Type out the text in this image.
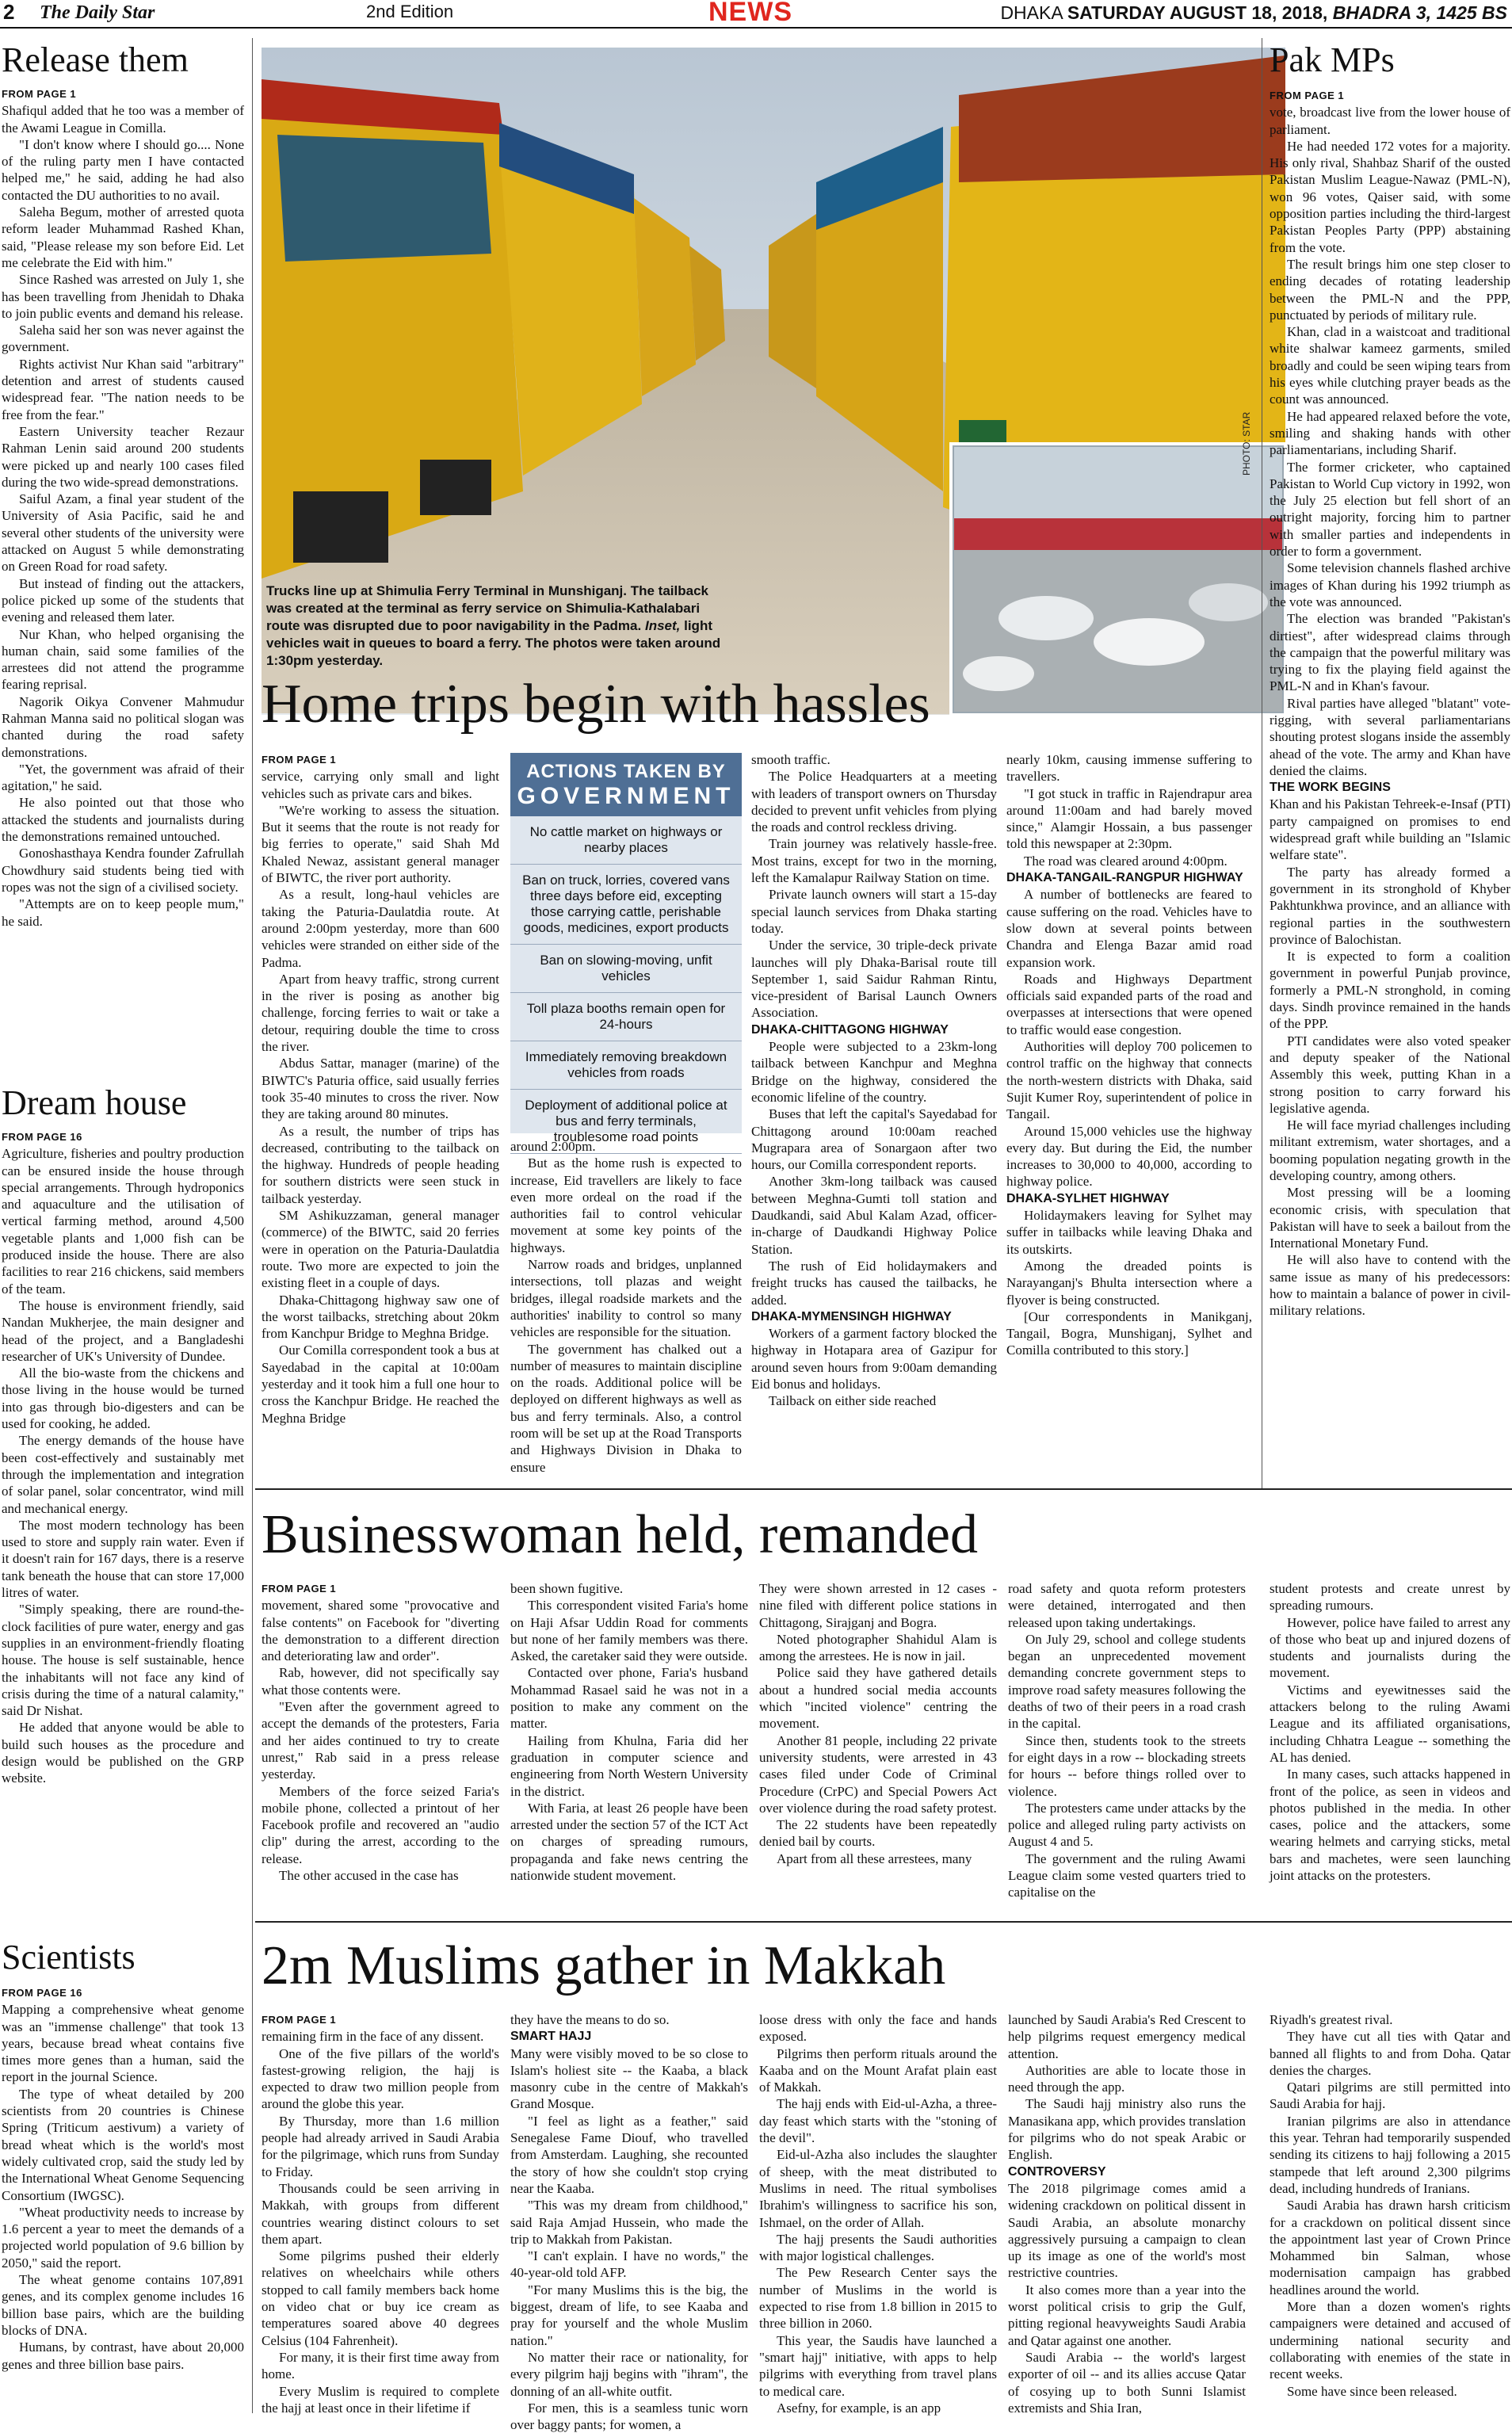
2 The Daily Star	2nd Edition	NEWS	DHAKA SATURDAY AUGUST 18, 2018, BHADRA 3, 1425 BS
Release them
FROM PAGE 1

Shafiqul added that he too was a member of the Awami League in Comilla.

"I don't know where I should go.... None of the ruling party men I have contacted helped me," he said, adding he had also contacted the DU authorities to no avail.

Saleha Begum, mother of arrested quota reform leader Muhammad Rashed Khan, said, "Please release my son before Eid. Let me celebrate the Eid with him."

Since Rashed was arrested on July 1, she has been travelling from Jhenidah to Dhaka to join public events and demand his release.

Saleha said her son was never against the government.

Rights activist Nur Khan said "arbitrary" detention and arrest of students caused widespread fear. "The nation needs to be free from the fear."

Eastern University teacher Rezaur Rahman Lenin said around 200 students were picked up and nearly 100 cases filed during the two wide-spread demonstrations.

Saiful Azam, a final year student of the University of Asia Pacific, said he and several other students of the university were attacked on August 5 while demonstrating on Green Road for road safety.

But instead of finding out the attackers, police picked up some of the students that evening and released them later.

Nur Khan, who helped organising the human chain, said some families of the arrestees did not attend the programme fearing reprisal.

Nagorik Oikya Convener Mahmudur Rahman Manna said no political slogan was chanted during the road safety demonstrations.

"Yet, the government was afraid of their agitation," he said.

He also pointed out that those who attacked the students and journalists during the demonstrations remained untouched.

Gonoshasthaya Kendra founder Zafrullah Chowdhury said students being tied with ropes was not the sign of a civilised society.

"Attempts are on to keep people mum," he said.

Dream house
FROM PAGE 16

Agriculture, fisheries and poultry production can be ensured inside the house through special arrangements. Through hydroponics and aquaculture and the utilisation of vertical farming method, around 4,500 vegetable plants and 1,000 fish can be produced inside the house. There are also facilities to rear 216 chickens, said members of the team.

The house is environment friendly, said Nandan Mukherjee, the main designer and head of the project, and a Bangladeshi researcher of UK's University of Dundee.

All the bio-waste from the chickens and those living in the house would be turned into gas through bio-digesters and can be used for cooking, he added.

The energy demands of the house have been cost-effectively and sustainably met through the implementation and integration of solar panel, solar concentrator, wind mill and mechanical energy.

The most modern technology has been used to store and supply rain water. Even if it doesn't rain for 167 days, there is a reserve tank beneath the house that can store 17,000 litres of water.

"Simply speaking, there are round-the-clock facilities of pure water, energy and gas supplies in an environment-friendly floating house. The house is self sustainable, hence the inhabitants will not face any kind of crisis during the time of a natural calamity," said Dr Nishat.

He added that anyone would be able to build such houses as the procedure and design would be published on the GRP website.

Scientists
FROM PAGE 16

Mapping a comprehensive wheat genome was an "immense challenge" that took 13 years, because bread wheat contains five times more genes than a human, said the report in the journal Science.

The type of wheat detailed by 200 scientists from 20 countries is Chinese Spring (Triticum aestivum) a variety of bread wheat which is the world's most widely cultivated crop, said the study led by the International Wheat Genome Sequencing Consortium (IWGSC).

"Wheat productivity needs to increase by 1.6 percent a year to meet the demands of a projected world population of 9.6 billion by 2050," said the report.

The wheat genome contains 107,891 genes, and its complex genome includes 16 billion base pairs, which are the building blocks of DNA.

Humans, by contrast, have about 20,000 genes and three billion base pairs.

Trucks line up at Shimulia Ferry Terminal in Munshiganj. The tailback was created at the terminal as ferry service on Shimulia-Kathalabari route was disrupted due to poor navigability in the Padma. Inset, light vehicles wait in queues to board a ferry. The photos were taken around 1:30pm yesterday.
PHOTO: STAR
Home trips begin with hassles
FROM PAGE 1

service, carrying only small and light vehicles such as private cars and bikes.

"We're working to assess the situation. But it seems that the route is not ready for big ferries to operate," said Shah Md Khaled Newaz, assistant general manager of BIWTC, the river port authority.

As a result, long-haul vehicles are taking the Paturia-Daulatdia route. At around 2:00pm yesterday, more than 600 vehicles were stranded on either side of the Padma.

Apart from heavy traffic, strong current in the river is posing as another big challenge, forcing ferries to wait or take a detour, requiring double the time to cross the river.

Abdus Sattar, manager (marine) of the BIWTC's Paturia office, said usually ferries took 35-40 minutes to cross the river. Now they are taking around 80 minutes.

As a result, the number of trips has decreased, contributing to the tailback on the highway. Hundreds of people heading for southern districts were seen stuck in tailback yesterday.

SM Ashikuzzaman, general manager (commerce) of the BIWTC, said 20 ferries were in operation on the Paturia-Daulatdia route. Two more are expected to join the existing fleet in a couple of days.

Dhaka-Chittagong highway saw one of the worst tailbacks, stretching about 20km from Kanchpur Bridge to Meghna Bridge.

Our Comilla correspondent took a bus at Sayedabad in the capital at 10:00am yesterday and it took him a full one hour to cross the Kanchpur Bridge. He reached the Meghna Bridge

around 2:00pm.

But as the home rush is expected to increase, Eid travellers are likely to face even more ordeal on the road if the authorities fail to control vehicular movement at some key points of the highways.

Narrow roads and bridges, unplanned intersections, toll plazas and weight bridges, illegal roadside markets and the authorities' inability to control so many vehicles are responsible for the situation.

The government has chalked out a number of measures to maintain discipline on the roads. Additional police will be deployed on different highways as well as bus and ferry terminals. Also, a control room will be set up at the Road Transports and Highways Division in Dhaka to ensure

smooth traffic.

The Police Headquarters at a meeting with leaders of transport owners on Thursday decided to prevent unfit vehicles from plying the roads and control reckless driving.

Train journey was relatively hassle-free. Most trains, except for two in the morning, left the Kamalapur Railway Station on time.

Private launch owners will start a 15-day special launch services from Dhaka starting today.

Under the service, 30 triple-deck private launches will ply Dhaka-Barisal route till September 1, said Saidur Rahman Rintu, vice-president of Barisal Launch Owners Association.

DHAKA-CHITTAGONG HIGHWAY

People were subjected to a 23km-long tailback between Kanchpur and Meghna Bridge on the highway, considered the economic lifeline of the country.

Buses that left the capital's Sayedabad for Chittagong around 10:00am reached Mugrapara area of Sonargaon after two hours, our Comilla correspondent reports.

Another 3km-long tailback was caused between Meghna-Gumti toll station and Daudkandi, said Abul Kalam Azad, officer-in-charge of Daudkandi Highway Police Station.

The rush of Eid holidaymakers and freight trucks has caused the tailbacks, he added.

DHAKA-MYMENSINGH HIGHWAY

Workers of a garment factory blocked the highway in Hotapara area of Gazipur for around seven hours from 9:00am demanding Eid bonus and holidays.

Tailback on either side reached

nearly 10km, causing immense suffering to travellers.

"I got stuck in traffic in Rajendrapur area around 11:00am and had barely moved since," Alamgir Hossain, a bus passenger told this newspaper at 2:30pm.

The road was cleared around 4:00pm.

DHAKA-TANGAIL-RANGPUR HIGHWAY

A number of bottlenecks are feared to cause suffering on the road. Vehicles have to slow down at several points between Chandra and Elenga Bazar amid road expansion work.

Roads and Highways Department officials said expanded parts of the road and overpasses at intersections that were opened to traffic would ease congestion.

Authorities will deploy 700 policemen to control traffic on the highway that connects the north-western districts with Dhaka, said Sujit Kumer Roy, superintendent of police in Tangail.

Around 15,000 vehicles use the highway every day. But during the Eid, the number increases to 30,000 to 40,000, according to highway police.

DHAKA-SYLHET HIGHWAY

Holidaymakers leaving for Sylhet may suffer in tailbacks while leaving Dhaka and its outskirts.

Among the dreaded points is Narayanganj's Bhulta intersection where a flyover is being constructed.

[Our correspondents in Manikganj, Tangail, Bogra, Munshiganj, Sylhet and Comilla contributed to this story.]

ACTIONS TAKEN BY
GOVERNMENT
No cattle market on highways or nearby places
Ban on truck, lorries, covered vans three days before eid, excepting those carrying cattle, perishable goods, medicines, export products
Ban on slowing-moving, unfit vehicles
Toll plaza booths remain open for 24-hours
Immediately removing breakdown vehicles from roads
Deployment of additional police at bus and ferry terminals, troublesome road points
Pak MPs
FROM PAGE 1

vote, broadcast live from the lower house of parliament.

He had needed 172 votes for a majority. His only rival, Shahbaz Sharif of the ousted Pakistan Muslim League-Nawaz (PML-N), won 96 votes, Qaiser said, with some opposition parties including the third-largest Pakistan Peoples Party (PPP) abstaining from the vote.

The result brings him one step closer to ending decades of rotating leadership between the PML-N and the PPP, punctuated by periods of military rule.

Khan, clad in a waistcoat and traditional white shalwar kameez garments, smiled broadly and could be seen wiping tears from his eyes while clutching prayer beads as the count was announced.

He had appeared relaxed before the vote, smiling and shaking hands with other parliamentarians, including Sharif.

The former cricketer, who captained Pakistan to World Cup victory in 1992, won the July 25 election but fell short of an outright majority, forcing him to partner with smaller parties and independents in order to form a government.

Some television channels flashed archive images of Khan during his 1992 triumph as the vote was announced.

The election was branded "Pakistan's dirtiest", after widespread claims through the campaign that the powerful military was trying to fix the playing field against the PML-N and in Khan's favour.

Rival parties have alleged "blatant" vote-rigging, with several parliamentarians shouting protest slogans inside the assembly ahead of the vote. The army and Khan have denied the claims.

THE WORK BEGINS

Khan and his Pakistan Tehreek-e-Insaf (PTI) party campaigned on promises to end widespread graft while building an "Islamic welfare state".

The party has already formed a government in its stronghold of Khyber Pakhtunkhwa province, and an alliance with regional parties in the southwestern province of Balochistan.

It is expected to form a coalition government in powerful Punjab province, formerly a PML-N stronghold, in coming days. Sindh province remained in the hands of the PPP.

PTI candidates were also voted speaker and deputy speaker of the National Assembly this week, putting Khan in a strong position to carry forward his legislative agenda.

He will face myriad challenges including militant extremism, water shortages, and a booming population negating growth in the developing country, among others.

Most pressing will be a looming economic crisis, with speculation that Pakistan will have to seek a bailout from the International Monetary Fund.

He will also have to contend with the same issue as many of his predecessors: how to maintain a balance of power in civil-military relations.

Businesswoman held, remanded
FROM PAGE 1

movement, shared some "provocative and false contents" on Facebook for "diverting the demonstration to a different direction and deteriorating law and order".

Rab, however, did not specifically say what those contents were.

"Even after the government agreed to accept the demands of the protesters, Faria and her aides continued to try to create unrest," Rab said in a press release yesterday.

Members of the force seized Faria's mobile phone, collected a printout of her Facebook profile and recovered an "audio clip" during the arrest, according to the release.

The other accused in the case has

been shown fugitive.

This correspondent visited Faria's home on Haji Afsar Uddin Road for comments but none of her family members was there. Asked, the caretaker said they were outside.

Contacted over phone, Faria's husband Mohammad Rasael said he was not in a position to make any comment on the matter.

Hailing from Khulna, Faria did her graduation in computer science and engineering from North Western University in the district.

With Faria, at least 26 people have been arrested under the section 57 of the ICT Act on charges of spreading rumours, propaganda and fake news centring the nationwide student movement.

They were shown arrested in 12 cases - nine filed with different police stations in Chittagong, Sirajganj and Bogra.

Noted photographer Shahidul Alam is among the arrestees. He is now in jail.

Police said they have gathered details about a hundred social media accounts which "incited violence" centring the movement.

Another 81 people, including 22 private university students, were arrested in 43 cases filed under Code of Criminal Procedure (CrPC) and Special Powers Act over violence during the road safety protest.

The 22 students have been repeatedly denied bail by courts.

Apart from all these arrestees, many

road safety and quota reform protesters were detained, interrogated and then released upon taking undertakings.

On July 29, school and college students began an unprecedented movement demanding concrete government steps to improve road safety measures following the deaths of two of their peers in a road crash in the capital.

Since then, students took to the streets for eight days in a row -- blockading streets for hours -- before things rolled over to violence.

The protesters came under attacks by the police and alleged ruling party activists on August 4 and 5.

The government and the ruling Awami League claim some vested quarters tried to capitalise on the

student protests and create unrest by spreading rumours.

However, police have failed to arrest any of those who beat up and injured dozens of students and journalists during the movement.

Victims and eyewitnesses said the attackers belong to the ruling Awami League and its affiliated organisations, including Chhatra League -- something the AL has denied.

In many cases, such attacks happened in front of the police, as seen in videos and photos published in the media. In other cases, police and the attackers, some wearing helmets and carrying sticks, metal bars and machetes, were seen launching joint attacks on the protesters.

2m Muslims gather in Makkah
FROM PAGE 1

remaining firm in the face of any dissent.

One of the five pillars of the world's fastest-growing religion, the hajj is expected to draw two million people from around the globe this year.

By Thursday, more than 1.6 million people had already arrived in Saudi Arabia for the pilgrimage, which runs from Sunday to Friday.

Thousands could be seen arriving in Makkah, with groups from different countries wearing distinct colours to set them apart.

Some pilgrims pushed their elderly relatives on wheelchairs while others stopped to call family members back home on video chat or buy ice cream as temperatures soared above 40 degrees Celsius (104 Fahrenheit).

For many, it is their first time away from home.

Every Muslim is required to complete the hajj at least once in their lifetime if

they have the means to do so.

SMART HAJJ

Many were visibly moved to be so close to Islam's holiest site -- the Kaaba, a black masonry cube in the centre of Makkah's Grand Mosque.

"I feel as light as a feather," said Senegalese Fame Diouf, who travelled from Amsterdam. Laughing, she recounted the story of how she couldn't stop crying near the Kaaba.

"This was my dream from childhood," said Raja Amjad Hussein, who made the trip to Makkah from Pakistan.

"I can't explain. I have no words," the 40-year-old told AFP.

"For many Muslims this is the big, the biggest, dream of life, to see Kaaba and pray for yourself and the whole Muslim nation."

No matter their race or nationality, for every pilgrim hajj begins with "ihram", the donning of an all-white outfit.

For men, this is a seamless tunic worn over baggy pants; for women, a

loose dress with only the face and hands exposed.

Pilgrims then perform rituals around the Kaaba and on the Mount Arafat plain east of Makkah.

The hajj ends with Eid-ul-Azha, a three-day feast which starts with the "stoning of the devil".

Eid-ul-Azha also includes the slaughter of sheep, with the meat distributed to Muslims in need. The ritual symbolises Ibrahim's willingness to sacrifice his son, Ishmael, on the order of Allah.

The hajj presents the Saudi authorities with major logistical challenges.

The Pew Research Center says the number of Muslims in the world is expected to rise from 1.8 billion in 2015 to three billion in 2060.

This year, the Saudis have launched a "smart hajj" initiative, with apps to help pilgrims with everything from travel plans to medical care.

Asefny, for example, is an app

launched by Saudi Arabia's Red Crescent to help pilgrims request emergency medical attention.

Authorities are able to locate those in need through the app.

The Saudi hajj ministry also runs the Manasikana app, which provides translation for pilgrims who do not speak Arabic or English.

CONTROVERSY

The 2018 pilgrimage comes amid a widening crackdown on political dissent in Saudi Arabia, an absolute monarchy aggressively pursuing a campaign to clean up its image as one of the world's most restrictive countries.

It also comes more than a year into the worst political crisis to grip the Gulf, pitting regional heavyweights Saudi Arabia and Qatar against one another.

Saudi Arabia -- the world's largest exporter of oil -- and its allies accuse Qatar of cosying up to both Sunni Islamist extremists and Shia Iran,

Riyadh's greatest rival.

They have cut all ties with Qatar and banned all flights to and from Doha. Qatar denies the charges.

Qatari pilgrims are still permitted into Saudi Arabia for hajj.

Iranian pilgrims are also in attendance this year. Tehran had temporarily suspended sending its citizens to hajj following a 2015 stampede that left around 2,300 pilgrims dead, including hundreds of Iranians.

Saudi Arabia has drawn harsh criticism for a crackdown on political dissent since the appointment last year of Crown Prince Mohammed bin Salman, whose modernisation campaign has grabbed headlines around the world.

More than a dozen women's rights campaigners were detained and accused of undermining national security and collaborating with enemies of the state in recent weeks.

Some have since been released.
